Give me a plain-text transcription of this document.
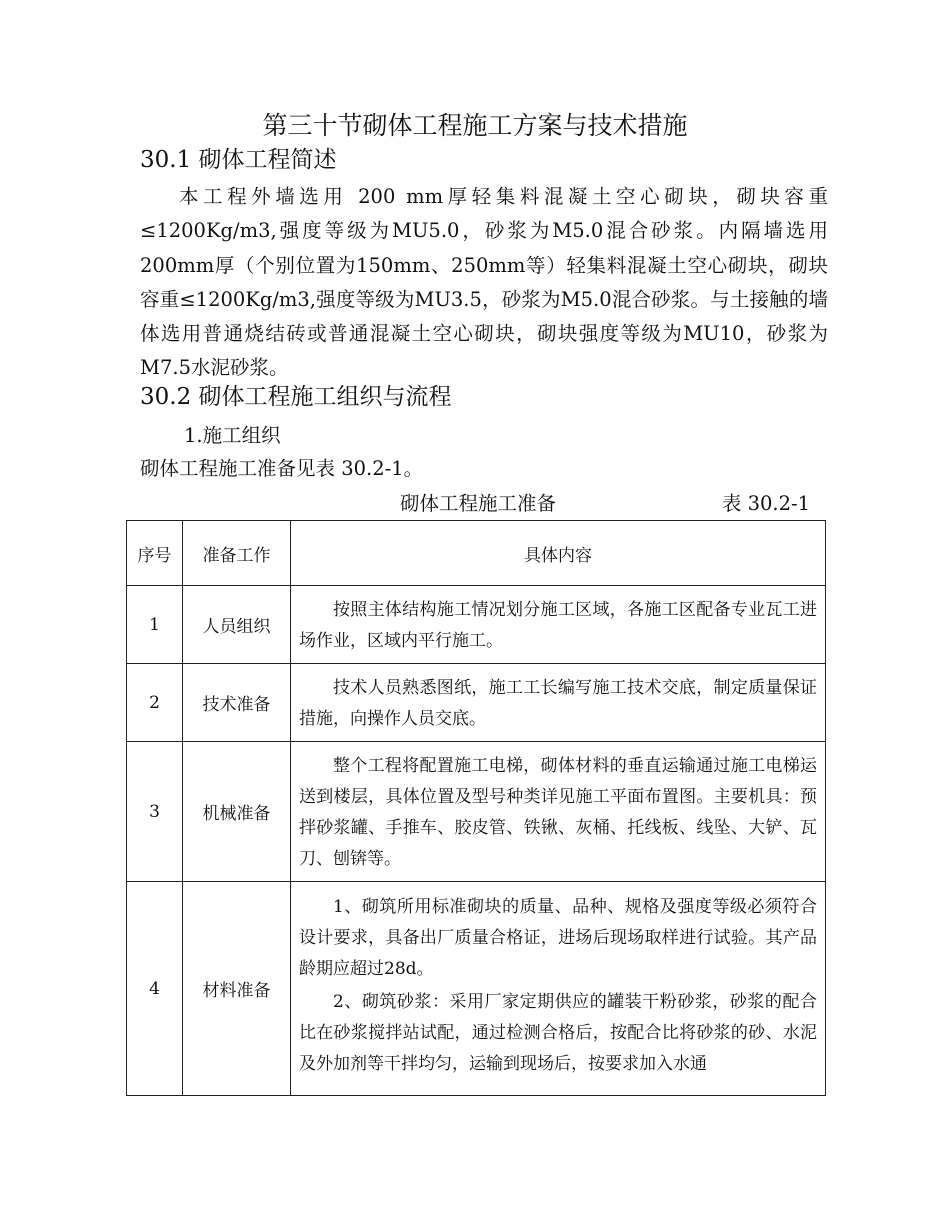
第三十节砌体工程施工方案与技术措施
30.1 砌体工程简述

本工程外墙选用 200 mm厚轻集料混凝土空心砌块，砌块容重≤1200Kg/m3,强度等级为MU5.0，砂浆为M5.0混合砂浆。内隔墙选用200mm厚（个别位置为150mm、250mm等）轻集料混凝土空心砌块，砌块容重≤1200Kg/m3,强度等级为MU3.5，砂浆为M5.0混合砂浆。与土接触的墙体选用普通烧结砖或普通混凝土空心砌块，砌块强度等级为MU10，砂浆为M7.5水泥砂浆。

30.2 砌体工程施工组织与流程
1.施工组织
砌体工程施工准备见表 30.2-1。
砌体工程施工准备	表 30.2-1
序号	准备工作	具体内容
1	人员组织	按照主体结构施工情况划分施工区域，各施工区配备专业瓦工进场作业，区域内平行施工。

2	技术准备	技术人员熟悉图纸，施工工长编写施工技术交底，制定质量保证措施，向操作人员交底。

3	机械准备	整个工程将配置施工电梯，砌体材料的垂直运输通过施工电梯运送到楼层，具体位置及型号种类详见施工平面布置图。主要机具：预拌砂浆罐、手推车、胶皮管、铁锹、灰桶、托线板、线坠、大铲、瓦刀、刨锛等。

4	材料准备	1、砌筑所用标准砌块的质量、品种、规格及强度等级必须符合设计要求，具备出厂质量合格证，进场后现场取样进行试验。其产品龄期应超过28d。

2、砌筑砂浆：采用厂家定期供应的罐装干粉砂浆，砂浆的配合比在砂浆搅拌站试配，通过检测合格后，按配合比将砂浆的砂、水泥及外加剂等干拌均匀，运输到现场后，按要求加入水通
